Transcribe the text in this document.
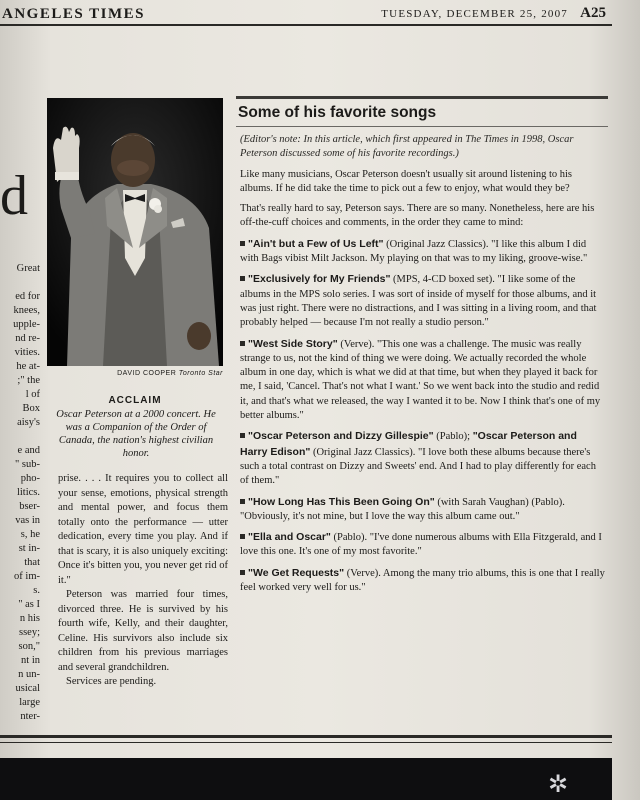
ANGELES TIMES	TUESDAY, DECEMBER 25, 2007 A25
d
Great

ed for
knees,
upple-
nd re-
vities.
he at-
;" the
l of
Box
aisy's

e and
" sub-
pho-
litics.
bser-
vas in
s, he
st in-
that
of im-
s.
" as I
n his
ssey;
son,"
nt in
n un-
usical
large
nter-
DAVID COOPER Toronto Star
ACCLAIM
Oscar Peterson at a 2000 concert. He was a Companion of the Order of Canada, the nation's highest civilian honor.

prise. . . . It requires you to collect all your sense, emotions, physical strength and mental power, and focus them totally onto the performance — utter dedication, every time you play. And if that is scary, it is also uniquely exciting: Once it's bitten you, you never get rid of it."

Peterson was married four times, divorced three. He is survived by his fourth wife, Kelly, and their daughter, Celine. His survivors also include six children from his previous marriages and several grandchildren.

Services are pending.

Some of his favorite songs

(Editor's note: In this article, which first appeared in The Times in 1998, Oscar Peterson discussed some of his favorite recordings.)

Like many musicians, Oscar Peterson doesn't usually sit around listening to his albums. If he did take the time to pick out a few to enjoy, what would they be?

That's really hard to say, Peterson says. There are so many. Nonetheless, here are his off-the-cuff choices and comments, in the order they came to mind:

"Ain't but a Few of Us Left" (Original Jazz Classics). "I like this album I did with Bags vibist Milt Jackson. My playing on that was to my liking, groove-wise."

"Exclusively for My Friends" (MPS, 4-CD boxed set). "I like some of the albums in the MPS solo series. I was sort of inside of myself for those albums, and it was just right. There were no distractions, and I was sitting in a living room, and that probably helped — because I'm not really a studio person."

"West Side Story" (Verve). "This one was a challenge. The music was really strange to us, not the kind of thing we were doing. We actually recorded the whole album in one day, which is what we did at that time, but when they played it back for me, I said, 'Cancel. That's not what I want.' So we went back into the studio and redid it, and that's what we released, the way I wanted it to be. Now I think that's one of my better albums."

"Oscar Peterson and Dizzy Gillespie" (Pablo); "Oscar Peterson and Harry Edison" (Original Jazz Classics). "I love both these albums because there's such a total contrast on Dizzy and Sweets' end. And I had to play differently for each of them."

"How Long Has This Been Going On" (with Sarah Vaughan) (Pablo). "Obviously, it's not mine, but I love the way this album came out."

"Ella and Oscar" (Pablo). "I've done numerous albums with Ella Fitzgerald, and I love this one. It's one of my most favorite."

"We Get Requests" (Verve). Among the many trio albums, this is one that I really feel worked very well for us."

✲
